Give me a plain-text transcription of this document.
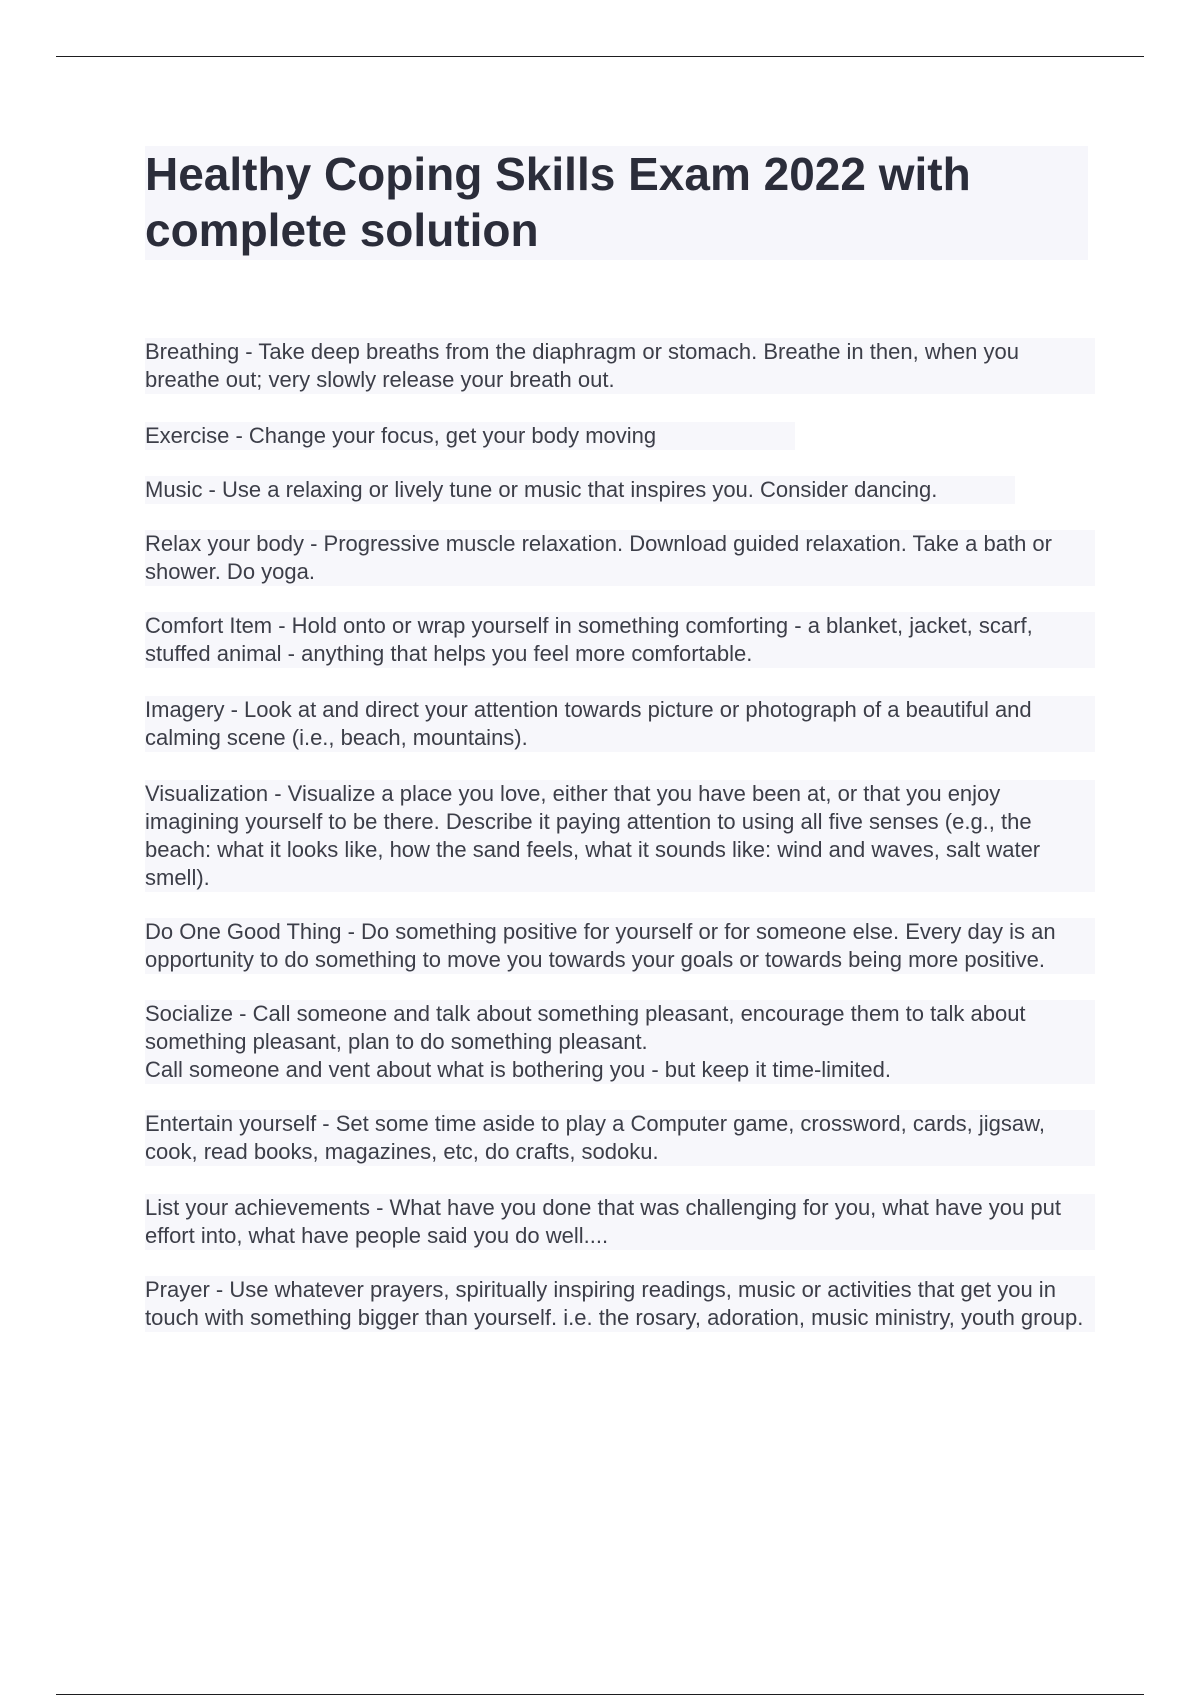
Healthy Coping Skills Exam 2022 with complete solution

Breathing - Take deep breaths from the diaphragm or stomach. Breathe in then, when you breathe out; very slowly release your breath out.

Exercise - Change your focus, get your body moving

Music - Use a relaxing or lively tune or music that inspires you. Consider dancing.

Relax your body - Progressive muscle relaxation. Download guided relaxation. Take a bath or shower. Do yoga.

Comfort Item - Hold onto or wrap yourself in something comforting - a blanket, jacket, scarf, stuffed animal - anything that helps you feel more comfortable.

Imagery - Look at and direct your attention towards picture or photograph of a beautiful and calming scene (i.e., beach, mountains).

Visualization - Visualize a place you love, either that you have been at, or that you enjoy imagining yourself to be there. Describe it paying attention to using all five senses (e.g., the beach: what it looks like, how the sand feels, what it sounds like: wind and waves, salt water smell).

Do One Good Thing - Do something positive for yourself or for someone else. Every day is an opportunity to do something to move you towards your goals or towards being more positive.

Socialize - Call someone and talk about something pleasant, encourage them to talk about something pleasant, plan to do something pleasant.
Call someone and vent about what is bothering you - but keep it time-limited.

Entertain yourself - Set some time aside to play a Computer game, crossword, cards, jigsaw, cook, read books, magazines, etc, do crafts, sodoku.

List your achievements - What have you done that was challenging for you, what have you put effort into, what have people said you do well....

Prayer - Use whatever prayers, spiritually inspiring readings, music or activities that get you in touch with something bigger than yourself. i.e. the rosary, adoration, music ministry, youth group.
